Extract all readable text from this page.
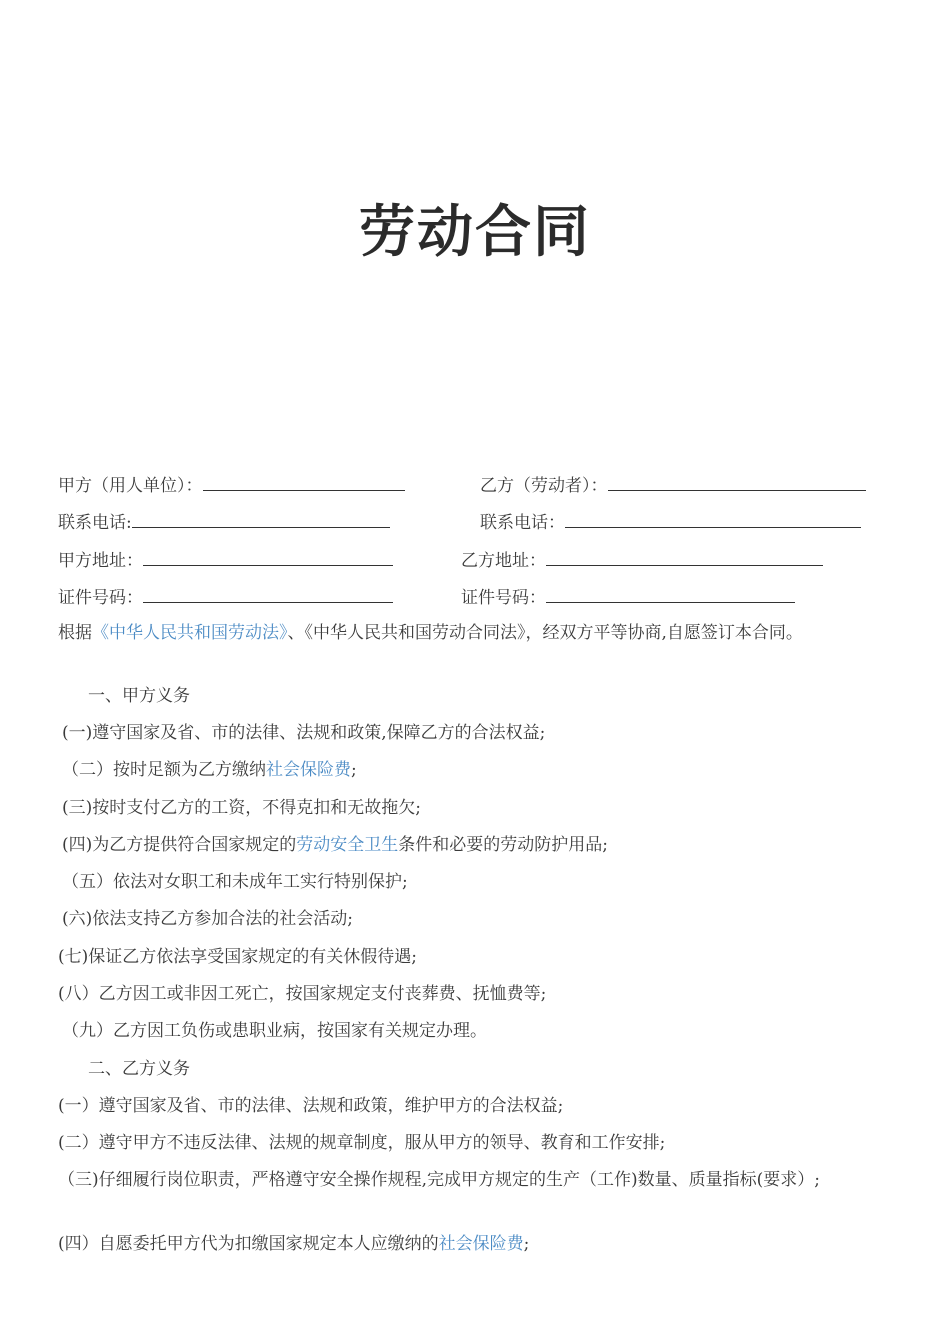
劳动合同
甲方（用人单位）：	乙方（劳动者）：
联系电话:	联系电话：
甲方地址：	乙方地址：
证件号码：	证件号码：
根据《中华人民共和国劳动法》、《中华人民共和国劳动合同法》，经双方平等协商,自愿签订本合同。
一、甲方义务
(一)遵守国家及省、市的法律、法规和政策,保障乙方的合法权益;
（二）按时足额为乙方缴纳社会保险费;
(三)按时支付乙方的工资，不得克扣和无故拖欠;
(四)为乙方提供符合国家规定的劳动安全卫生条件和必要的劳动防护用品;
（五）依法对女职工和未成年工实行特别保护;
(六)依法支持乙方参加合法的社会活动;
(七)保证乙方依法享受国家规定的有关休假待遇;
(八）乙方因工或非因工死亡，按国家规定支付丧葬费、抚恤费等;
（九）乙方因工负伤或患职业病，按国家有关规定办理。
二、乙方义务
(一）遵守国家及省、市的法律、法规和政策，维护甲方的合法权益;
(二）遵守甲方不违反法律、法规的规章制度，服从甲方的领导、教育和工作安排;
（三)仔细履行岗位职责，严格遵守安全操作规程,完成甲方规定的生产（工作)数量、质量指标(要求）;
(四）自愿委托甲方代为扣缴国家规定本人应缴纳的社会保险费;
